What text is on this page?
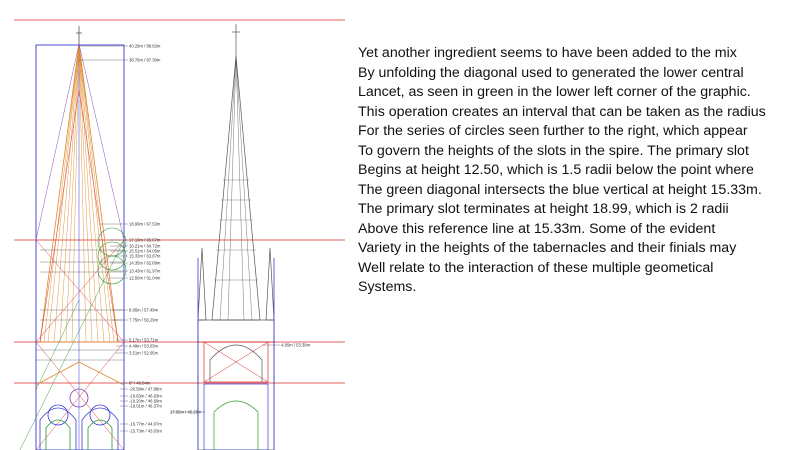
40.29m / 88.82m
38.76m / 87.30m
18.99m / 67.53m
17.13m / 65.67m
16.21m / 64.72m
15.51m / 64.05m
15.33m / 63.87m
14.35m / 62.89m
13.43m / 61.97m
12.50m / 61.04m
8.95m / 57.49m
7.75m / 56.29m
5.17m / 53.71m
4.49m / 53.03m
3.51m / 52.05m
0" / 48.84m
-20.58m / 47.88m
-19.63m / 46.93m
-19.20m / 46.69m
-19.01m / 46.37m
-16.77m / 44.07m
-15.73m / 43.03m
17.95m / 45.29m
4.85m / 53.39m
Yet another ingredient seems to have been added to the mix
By unfolding the diagonal used to generated the lower central
Lancet, as seen in green in the lower left corner of the graphic.
This operation creates an interval that can be taken as the radius
For the series of circles seen further to the right, which appear
To govern the heights of the slots in the spire. The primary slot
Begins at height 12.50, which is 1.5 radii below the point where
The green diagonal intersects the blue vertical at height 15.33m.
The primary slot terminates at height 18.99, which is 2 radii
Above this reference line at 15.33m. Some of the evident
Variety in the heights of the tabernacles and their finials may
Well relate to the interaction of these multiple geometical
Systems.
